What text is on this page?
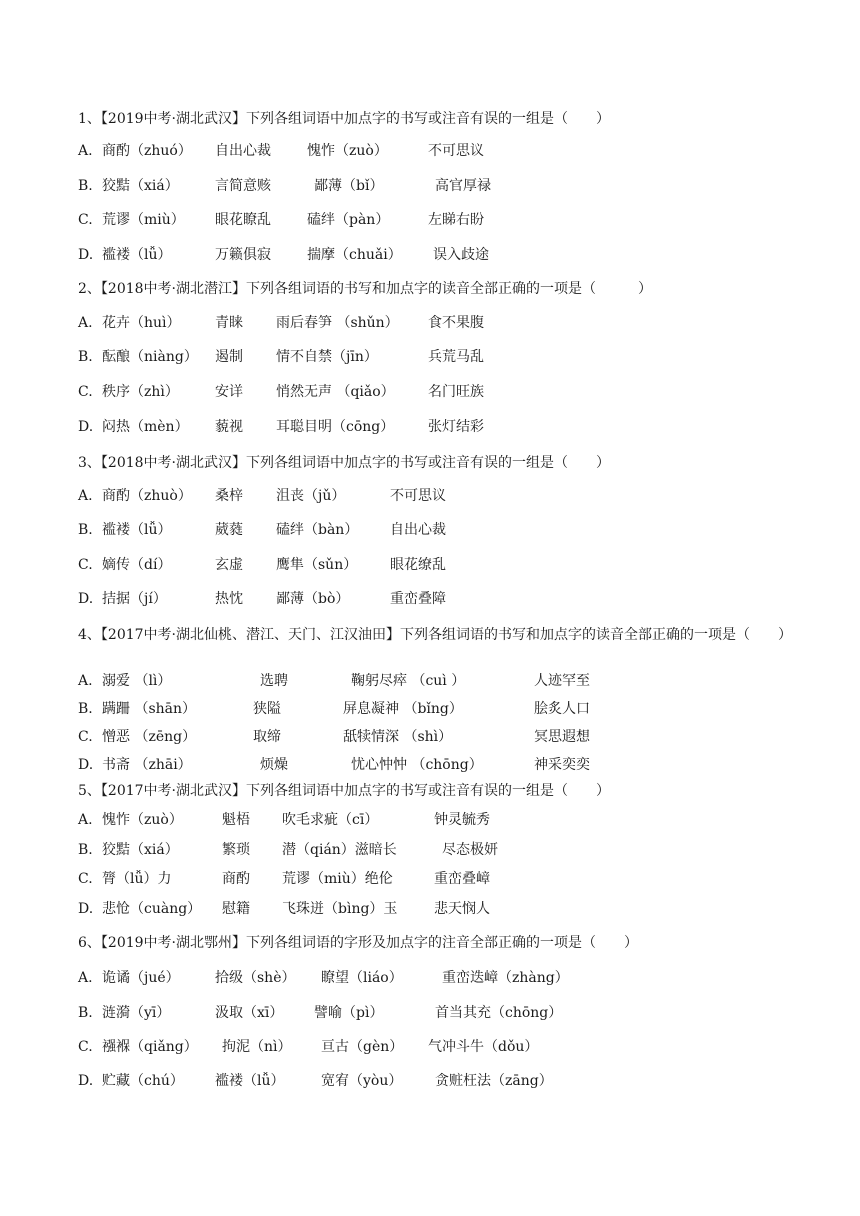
1、【2019中考·湖北武汉】下列各组词语中加点字的书写或注音有误的一组是（　　）
A. 商酌（zhuó） 自出心裁	愧怍（zuò）	不可思议
B. 狡黠（xiá）	言简意赅	鄙薄（bǐ）	高官厚禄
C. 荒谬（miù） 眼花瞭乱	磕绊（pàn）	左睇右盼
D. 褴褛（lǚ）	万籁俱寂	揣摩（chuǎi） 误入歧途
2、【2018中考·湖北潜江】下列各组词语的书写和加点字的读音全部正确的一项是（　　　）
A. 花卉（huì） 青睐 雨后春笋 （shǔn） 食不果腹
B. 酝酿（niàng） 遏制 情不自禁（jīn）	兵荒马乱
C. 秩序（zhì）	安详 悄然无声 （qiǎo） 名门旺族
D. 闷热（mèn） 藐视 耳聪目明（cōng） 张灯结彩
3、【2018中考·湖北武汉】下列各组词语中加点字的书写或注音有误的一组是（　　）
A. 商酌（zhuò） 桑梓 沮丧（jǔ）	不可思议
B. 褴褛（lǚ）	葳蕤 磕绊（bàn） 自出心裁
C. 嫡传（dí）	玄虚 鹰隼（sǔn） 眼花缭乱
D. 拮据（jí）	热忱 鄙薄（bò）	重峦叠障
4、【2017中考·湖北仙桃、潜江、天门、江汉油田】下列各组词语的书写和加点字的读音全部正确的一项是（　　）
A. 溺爱 （lì）	选聘	鞠躬尽瘁 （cuì ）	人迹罕至
B. 蹒跚 （shān）	狭隘	屏息凝神 （bǐng）	脍炙人口
C. 憎恶 （zēng）	取缔	舐犊情深 （shì）	冥思遐想
D. 书斋 （zhāi）	烦燥	忧心忡忡 （chōng）	神采奕奕
5、【2017中考·湖北武汉】下列各组词语中加点字的书写或注音有误的一组是（　　）
A. 愧怍（zuò）	魁梧 吹毛求疵（cī）	钟灵毓秀
B. 狡黠（xiá）	繁琐 潜（qián）滋暗长	尽态极妍
C. 膂（lǚ）力	商酌 荒谬（miù）绝伦	重峦叠嶂
D. 悲怆（cuàng） 慰籍 飞珠迸（bìng）玉	悲天悯人
6、【2019中考·湖北鄂州】下列各组词语的字形及加点字的注音全部正确的一项是（　　）
A. 诡谲（jué）	拾级（shè） 瞭望（liáo）	重峦迭嶂（zhàng）
B. 涟漪（yī）	汲取（xī） 譬喻（pì）	首当其充（chōng）
C. 襁褓（qiǎng） 拘泥（nì） 亘古（gèn） 气冲斗牛（dǒu）
D. 贮藏（chú） 褴褛（lǚ）	宽宥（yòu） 贪赃枉法（zāng）
